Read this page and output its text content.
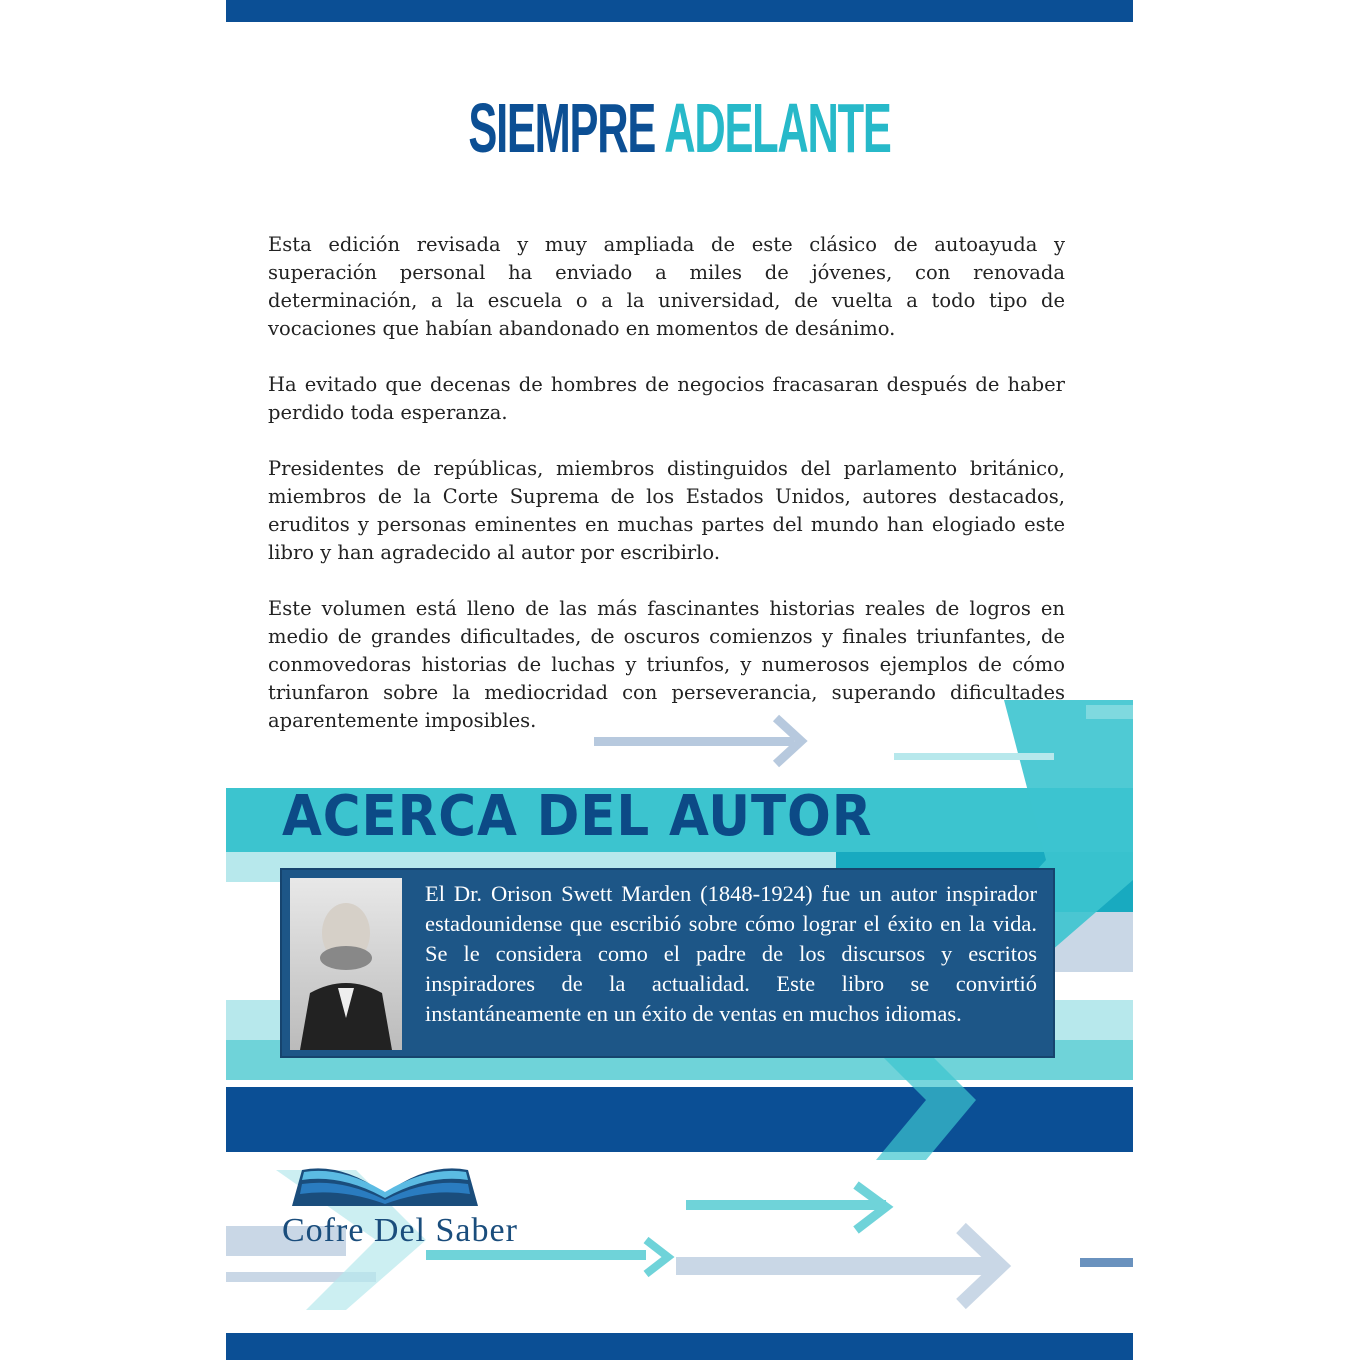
SIEMPRE ADELANTE

Esta edición revisada y muy ampliada de este clásico de autoayuda y superación personal ha enviado a miles de jóvenes, con renovada determinación, a la escuela o a la universidad, de vuelta a todo tipo de vocaciones que habían abandonado en momentos de desánimo.

Ha evitado que decenas de hombres de negocios fracasaran después de haber perdido toda esperanza.

Presidentes de repúblicas, miembros distinguidos del parlamento británico, miembros de la Corte Suprema de los Estados Unidos, autores destacados, eruditos y personas eminentes en muchas partes del mundo han elogiado este libro y han agradecido al autor por escribirlo.

Este volumen está lleno de las más fascinantes historias reales de logros en medio de grandes dificultades, de oscuros comienzos y finales triunfantes, de conmovedoras historias de luchas y triunfos, y numerosos ejemplos de cómo triunfaron sobre la mediocridad con perseverancia, superando dificultades aparentemente imposibles.

ACERCA DEL AUTOR
El Dr. Orison Swett Marden (1848-1924) fue un autor inspirador estadounidense que escribió sobre cómo lograr el éxito en la vida. Se le considera como el padre de los discursos y escritos inspiradores de la actualidad. Este libro se convirtió instantáneamente en un éxito de ventas en muchos idiomas.
Cofre Del Saber
